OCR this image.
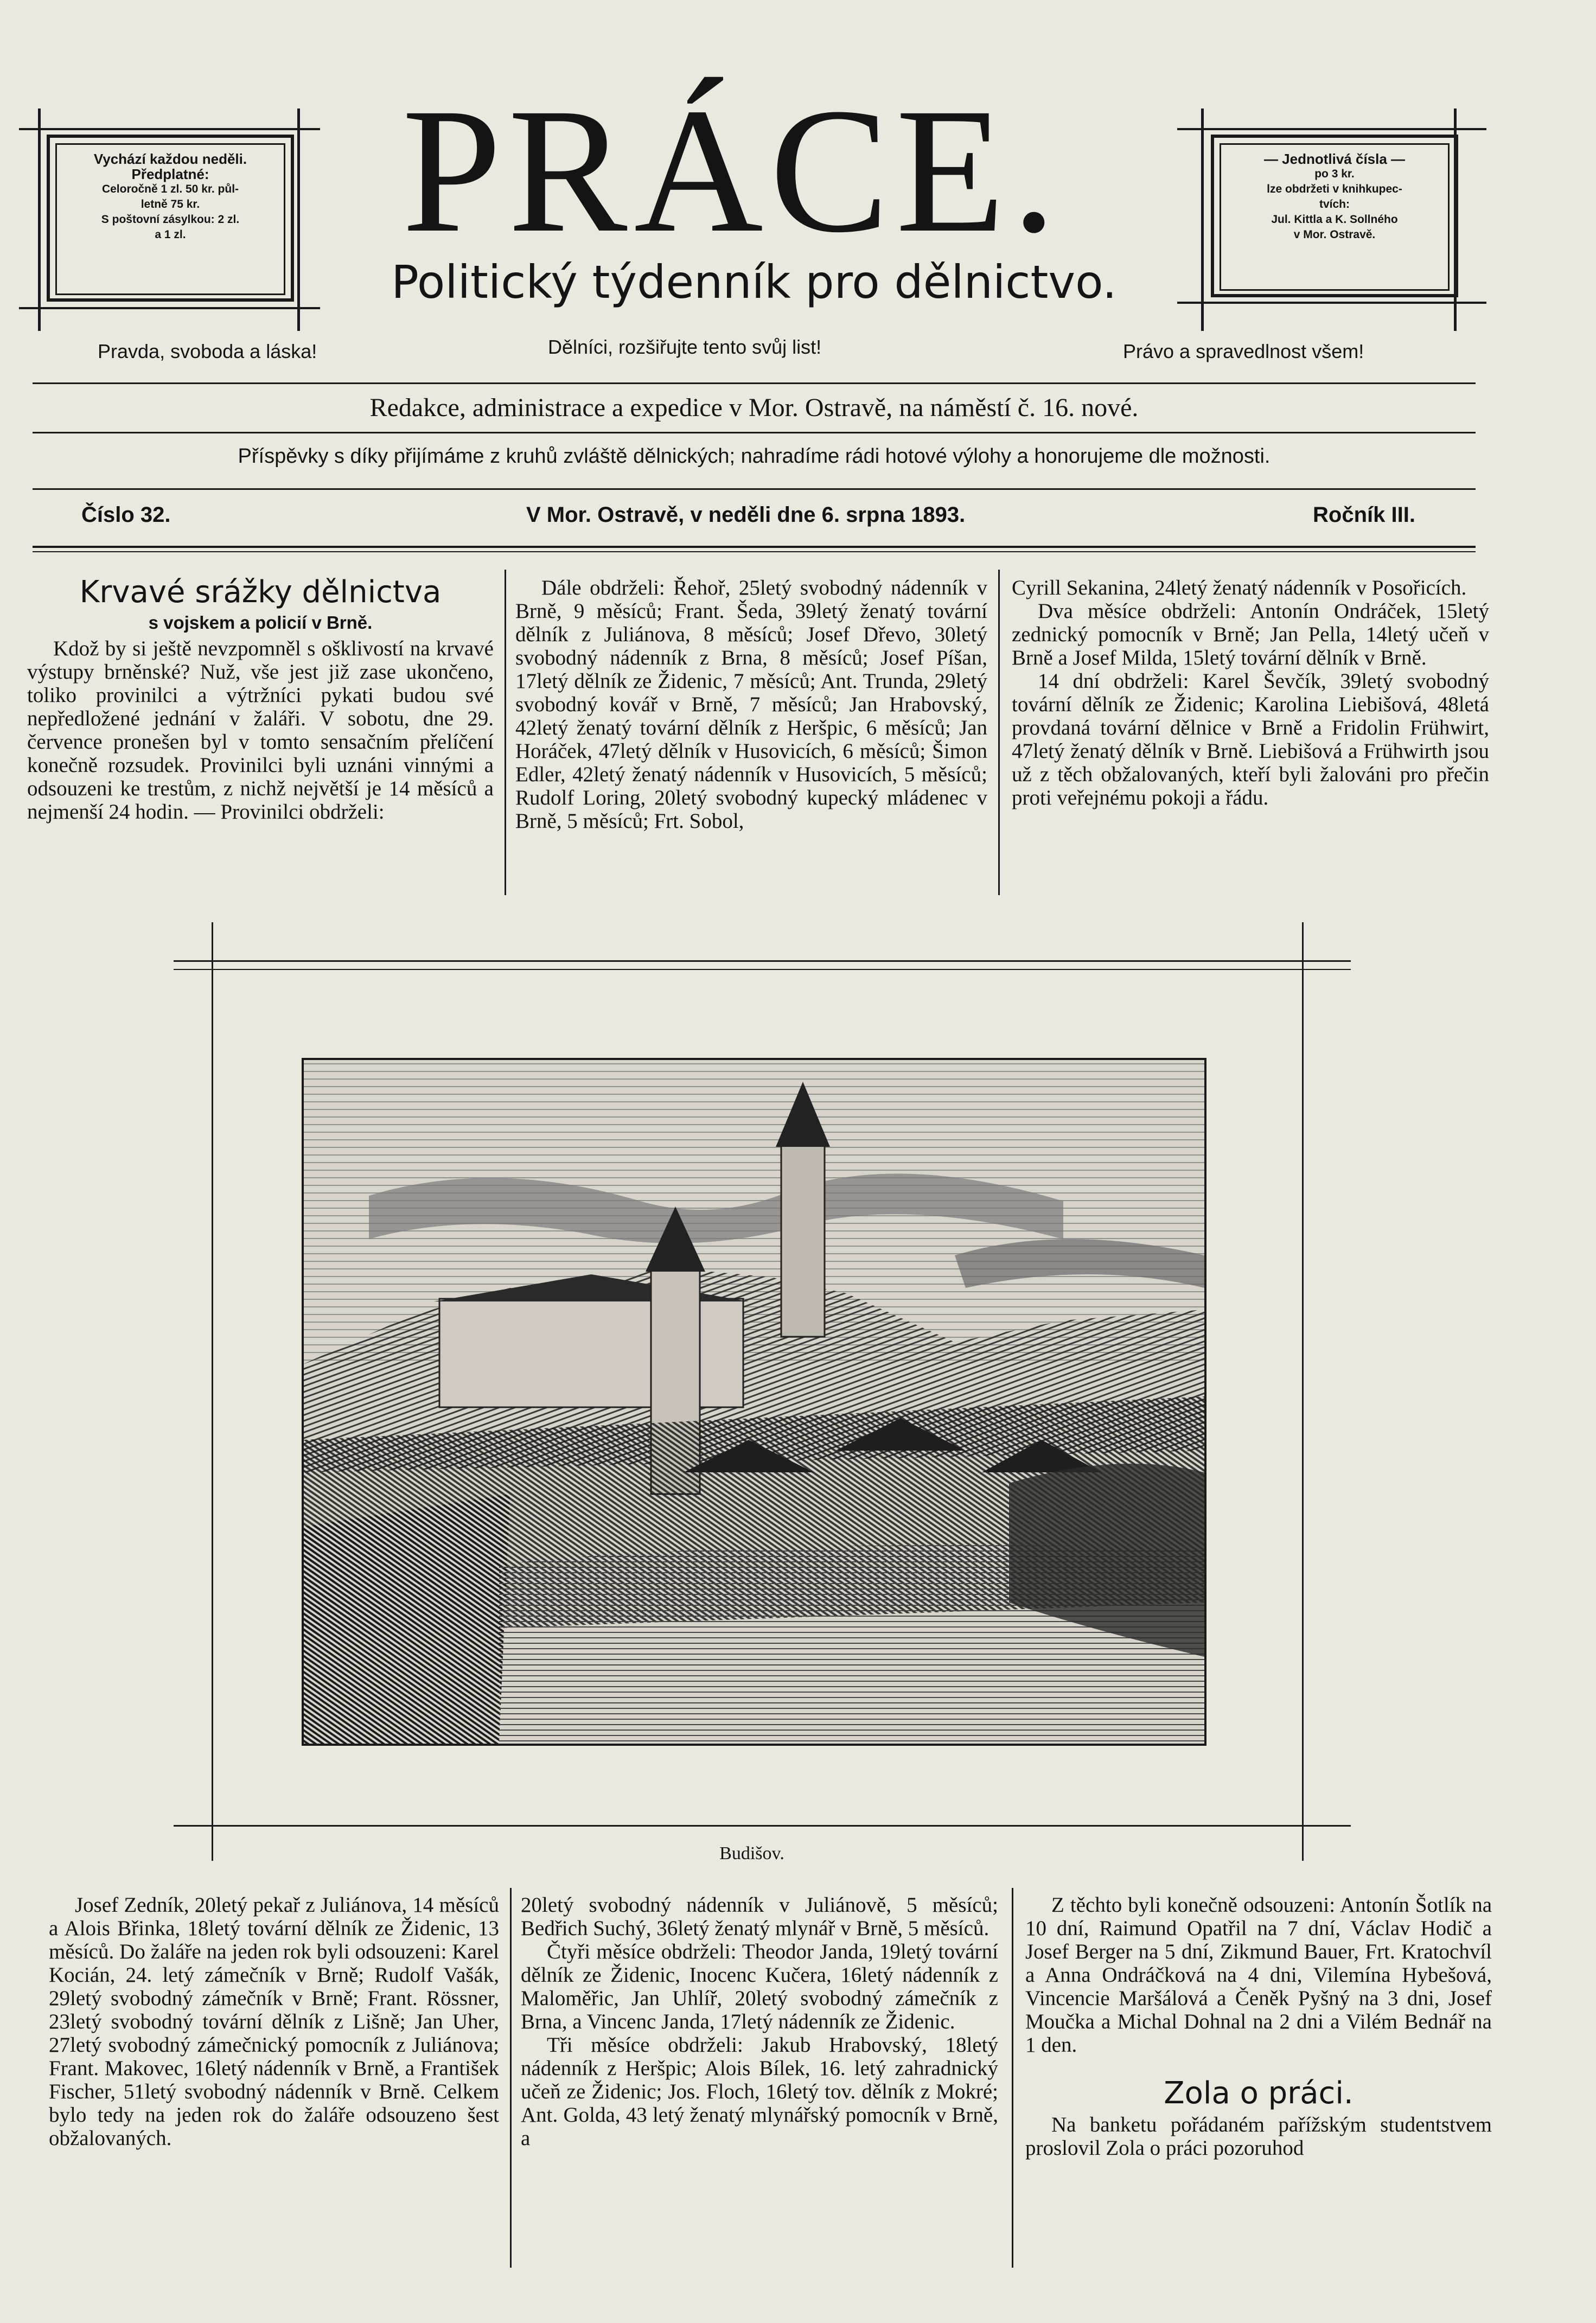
Vychází každou neděli.
Předplatné:
Celoročně 1 zl. 50 kr. půl-
letně 75 kr.
S poštovní zásylkou: 2 zl.
a 1 zl.	PRÁCE.
Politický týdenník pro dělnictvo.
— Jednotlivá čísla —
po 3 kr.
lze obdržeti v knihkupec-
tvích:
Jul. Kittla a K. Sollného
v Mor. Ostravě.
Pravda, svoboda a láska!	Dělníci, rozšiřujte tento svůj list!	Právo a spravedlnost všem!
Redakce, administrace a expedice v Mor. Ostravě, na náměstí č. 16. nové.
Příspěvky s díky přijímáme z kruhů zvláště dělnických; nahradíme rádi hotové výlohy a honorujeme dle možnosti.
Číslo 32.	V Mor. Ostravě, v neděli dne 6. srpna 1893.	Ročník III.
Krvavé srážky dělnictva
s vojskem a policií v Brně.

Kdož by si ještě nevzpomněl s ošklivostí na krvavé výstupy brněnské? Nuž, vše jest již zase ukončeno, toliko provinilci a výtržníci pykati budou své nepředložené jednání v žaláři. V sobotu, dne 29. července pronešen byl v tomto sensačním přelíčení konečně rozsudek. Provinilci byli uznáni vinnými a odsouzeni ke trestům, z nichž největší je 14 měsíců a nejmenší 24 hodin. — Provinilci obdrželi:

Dále obdrželi: Řehoř, 25letý svobodný nádenník v Brně, 9 měsíců; Frant. Šeda, 39letý ženatý tovární dělník z Juliánova, 8 měsíců; Josef Dřevo, 30letý svobodný nádenník z Brna, 8 měsíců; Josef Píšan, 17letý dělník ze Židenic, 7 měsíců; Ant. Trunda, 29letý svobodný kovář v Brně, 7 měsíců; Jan Hrabovský, 42letý ženatý tovární dělník z Heršpic, 6 měsíců; Jan Horáček, 47letý dělník v Husovicích, 6 měsíců; Šimon Edler, 42letý ženatý nádenník v Husovicích, 5 měsíců; Rudolf Loring, 20letý svobodný kupecký mládenec v Brně, 5 měsíců; Frt. Sobol,

Cyrill Sekanina, 24letý ženatý nádenník v Posořicích.

Dva měsíce obdrželi: Antonín Ondráček, 15letý zednický pomocník v Brně; Jan Pella, 14letý učeň v Brně a Josef Milda, 15letý tovární dělník v Brně.

14 dní obdrželi: Karel Ševčík, 39letý svobodný tovární dělník ze Židenic; Karolina Liebišová, 48letá provdaná tovární dělnice v Brně a Fridolin Frühwirt, 47letý ženatý dělník v Brně. Liebišová a Frühwirth jsou už z těch obžalovaných, kteří byli žalováni pro přečin proti veřejnému pokoji a řádu.

Budišov.

Josef Zedník, 20letý pekař z Juliánova, 14 měsíců a Alois Břinka, 18letý tovární dělník ze Židenic, 13 měsíců. Do žaláře na jeden rok byli odsouzeni: Karel Kocián, 24. letý zámečník v Brně; Rudolf Vašák, 29letý svobodný zámečník v Brně; Frant. Rössner, 23letý svobodný tovární dělník z Lišně; Jan Uher, 27letý svobodný zámečnický pomocník z Juliánova; Frant. Makovec, 16letý nádenník v Brně, a František Fischer, 51letý svobodný nádenník v Brně. Celkem bylo tedy na jeden rok do žaláře odsouzeno šest obžalovaných.

20letý svobodný nádenník v Juliánově, 5 měsíců; Bedřich Suchý, 36letý ženatý mlynář v Brně, 5 měsíců.

Čtyři měsíce obdrželi: Theodor Janda, 19letý tovární dělník ze Židenic, Inocenc Kučera, 16letý nádenník z Maloměřic, Jan Uhlíř, 20letý svobodný zámečník z Brna, a Vincenc Janda, 17letý nádenník ze Židenic.

Tři měsíce obdrželi: Jakub Hrabovský, 18letý nádenník z Heršpic; Alois Bílek, 16. letý zahradnický učeň ze Židenic; Jos. Floch, 16letý tov. dělník z Mokré; Ant. Golda, 43 letý ženatý mlynářský pomocník v Brně, a

Z těchto byli konečně odsouzeni: Antonín Šotlík na 10 dní, Raimund Opatřil na 7 dní, Václav Hodič a Josef Berger na 5 dní, Zikmund Bauer, Frt. Kratochvíl a Anna Ondráčková na 4 dni, Vilemína Hybešová, Vincencie Maršálová a Čeněk Pyšný na 3 dni, Josef Moučka a Michal Dohnal na 2 dni a Vilém Bednář na 1 den.

Zola o práci.

Na banketu pořádaném pařížským studentstvem proslovil Zola o práci pozoruhod
